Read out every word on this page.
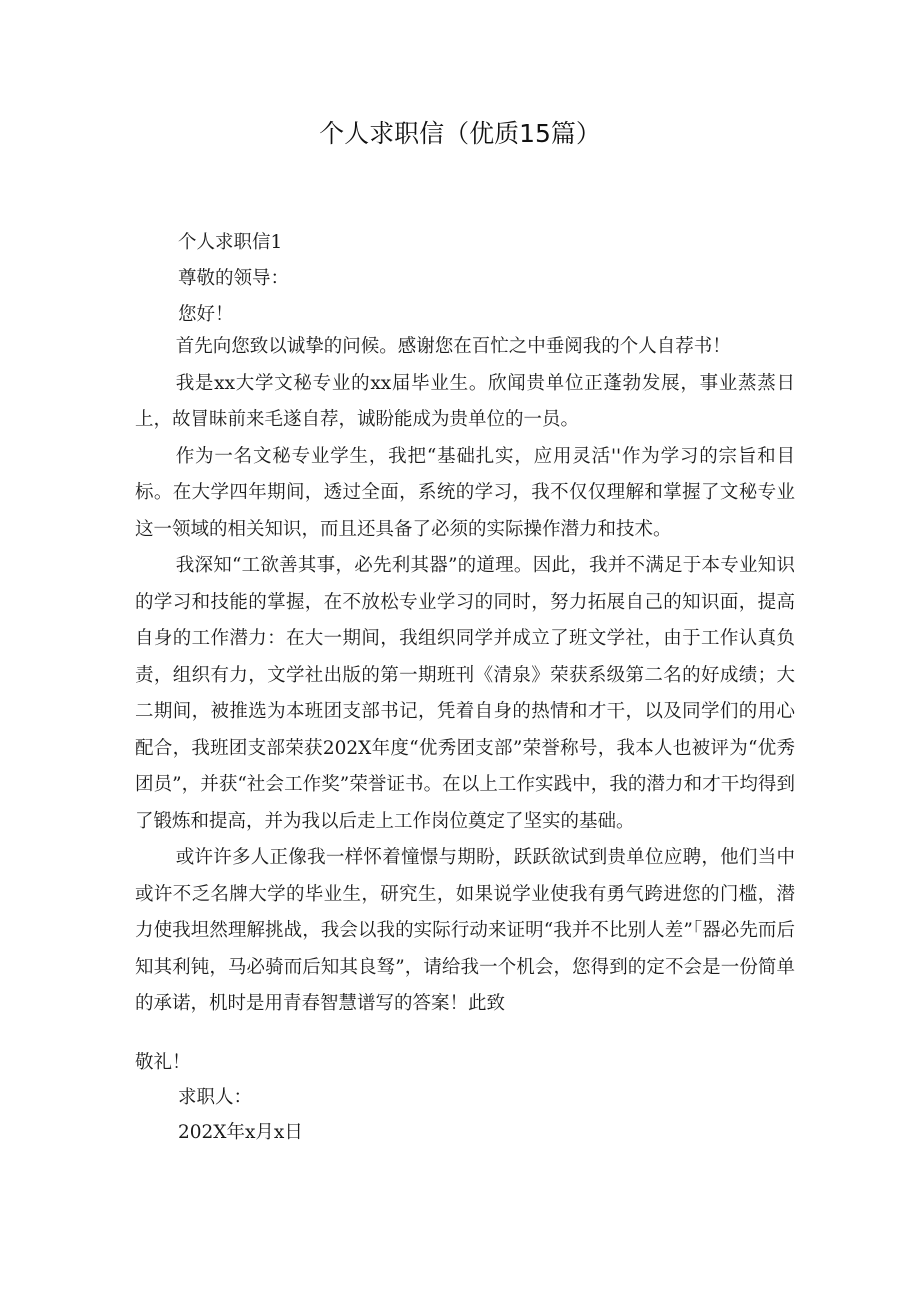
个人求职信（优质15篇）
个人求职信1
尊敬的领导：
您好！

首先向您致以诚挚的问候。感谢您在百忙之中垂阅我的个人自荐书！

我是xx大学文秘专业的xx届毕业生。欣闻贵单位正蓬勃发展，事业蒸蒸日上，故冒昧前来毛遂自荐，诚盼能成为贵单位的一员。

作为一名文秘专业学生，我把“基础扎实，应用灵活''作为学习的宗旨和目标。在大学四年期间，透过全面，系统的学习，我不仅仅理解和掌握了文秘专业这一领域的相关知识，而且还具备了必须的实际操作潜力和技术。

我深知“工欲善其事，必先利其器”的道理。因此，我并不满足于本专业知识的学习和技能的掌握，在不放松专业学习的同时，努力拓展自己的知识面，提高自身的工作潜力：在大一期间，我组织同学并成立了班文学社，由于工作认真负责，组织有力，文学社出版的第一期班刊《清泉》荣获系级第二名的好成绩；大二期间，被推选为本班团支部书记，凭着自身的热情和才干，以及同学们的用心配合，我班团支部荣获202X年度“优秀团支部”荣誉称号，我本人也被评为“优秀团员”，并获“社会工作奖”荣誉证书。在以上工作实践中，我的潜力和才干均得到了锻炼和提高，并为我以后走上工作岗位奠定了坚实的基础。

或许许多人正像我一样怀着憧憬与期盼，跃跃欲试到贵单位应聘，他们当中或许不乏名牌大学的毕业生，研究生，如果说学业使我有勇气跨进您的门槛，潜力使我坦然理解挑战，我会以我的实际行动来证明“我并不比别人差”「器必先而后知其利钝，马必骑而后知其良驽”，请给我一个机会，您得到的定不会是一份简单的承诺，机时是用青春智慧谱写的答案！此致

敬礼！
求职人：
202X年x月x日
